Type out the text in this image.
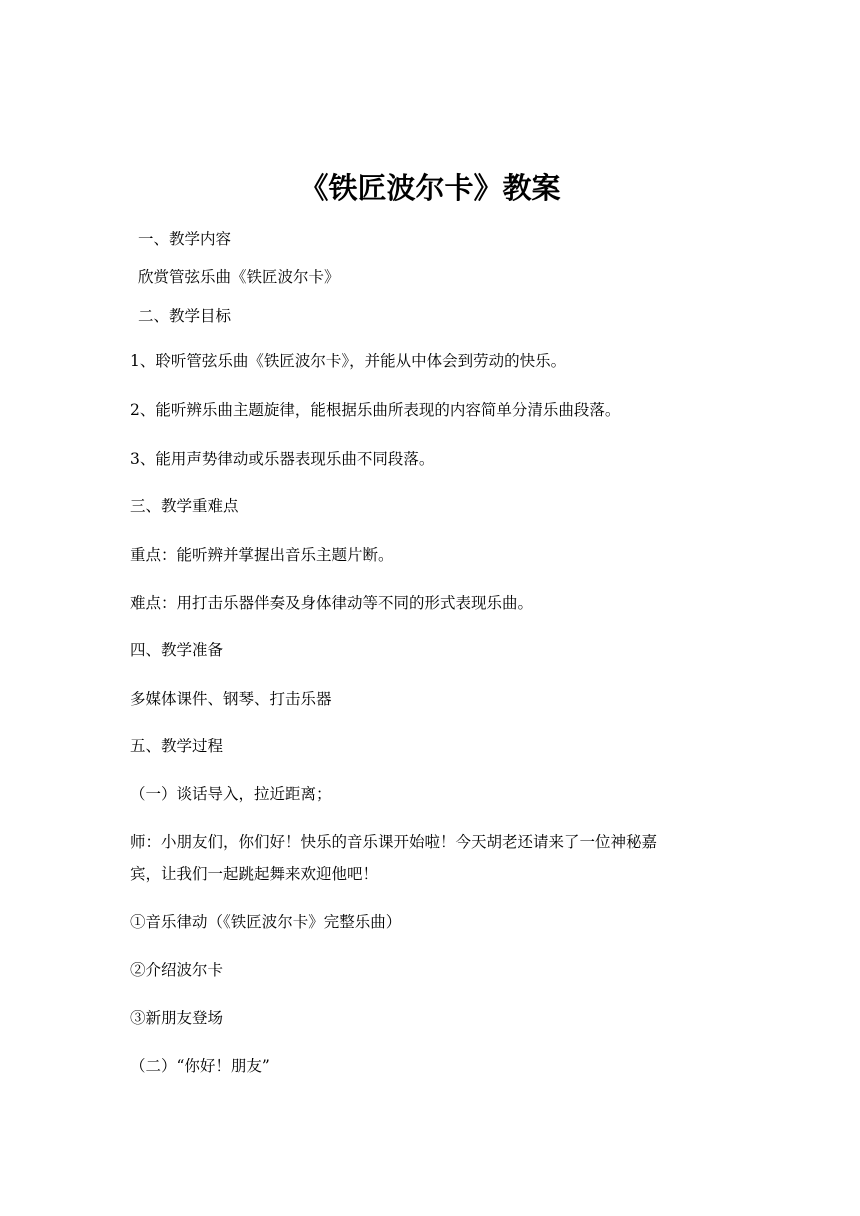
《铁匠波尔卡》教案
一、教学内容
欣赏管弦乐曲《铁匠波尔卡》
二、教学目标
1、聆听管弦乐曲《铁匠波尔卡》，并能从中体会到劳动的快乐。
2、能听辨乐曲主题旋律，能根据乐曲所表现的内容简单分清乐曲段落。
3、能用声势律动或乐器表现乐曲不同段落。
三、教学重难点
重点：能听辨并掌握出音乐主题片断。
难点：用打击乐器伴奏及身体律动等不同的形式表现乐曲。
四、教学准备
多媒体课件、钢琴、打击乐器
五、教学过程
（一）谈话导入，拉近距离；
师：小朋友们，你们好！快乐的音乐课开始啦！今天胡老还请来了一位神秘嘉
宾，让我们一起跳起舞来欢迎他吧！
①音乐律动（《铁匠波尔卡》完整乐曲）
②介绍波尔卡
③新朋友登场
（二）“你好！朋友”
